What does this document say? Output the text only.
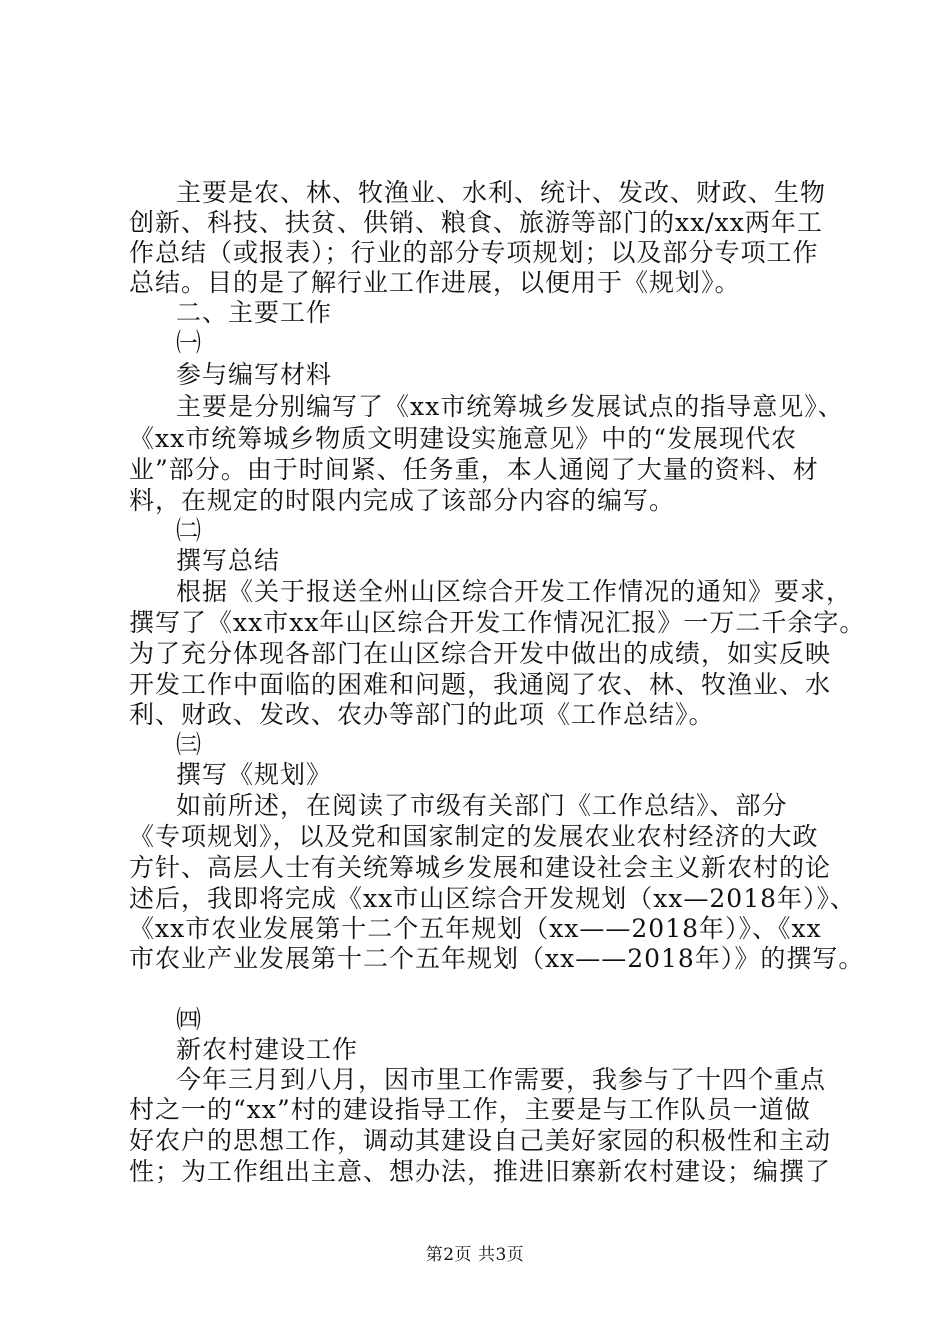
主要是农、林、牧渔业、水利、统计、发改、财政、生物
创新、科技、扶贫、供销、粮食、旅游等部门的xx/xx两年工
作总结（或报表）；行业的部分专项规划；以及部分专项工作
总结。目的是了解行业工作进展，以便用于《规划》。
二、主要工作
㈠
参与编写材料
主要是分别编写了《xx市统筹城乡发展试点的指导意见》、
《xx市统筹城乡物质文明建设实施意见》中的“发展现代农
业”部分。由于时间紧、任务重，本人通阅了大量的资料、材
料，在规定的时限内完成了该部分内容的编写。
㈡
撰写总结
根据《关于报送全州山区综合开发工作情况的通知》要求，
撰写了《xx市xx年山区综合开发工作情况汇报》一万二千余字。
为了充分体现各部门在山区综合开发中做出的成绩，如实反映
开发工作中面临的困难和问题，我通阅了农、林、牧渔业、水
利、财政、发改、农办等部门的此项《工作总结》。
㈢
撰写《规划》
如前所述，在阅读了市级有关部门《工作总结》、部分
《专项规划》，以及党和国家制定的发展农业农村经济的大政
方针、高层人士有关统筹城乡发展和建设社会主义新农村的论
述后，我即将完成《xx市山区综合开发规划（xx—2018年）》、
《xx市农业发展第十二个五年规划（xx——2018年）》、《xx
市农业产业发展第十二个五年规划（xx——2018年）》的撰写。
㈣
新农村建设工作
今年三月到八月，因市里工作需要，我参与了十四个重点
村之一的“xx”村的建设指导工作，主要是与工作队员一道做
好农户的思想工作，调动其建设自己美好家园的积极性和主动
性；为工作组出主意、想办法，推进旧寨新农村建设；编撰了
第2页 共3页
